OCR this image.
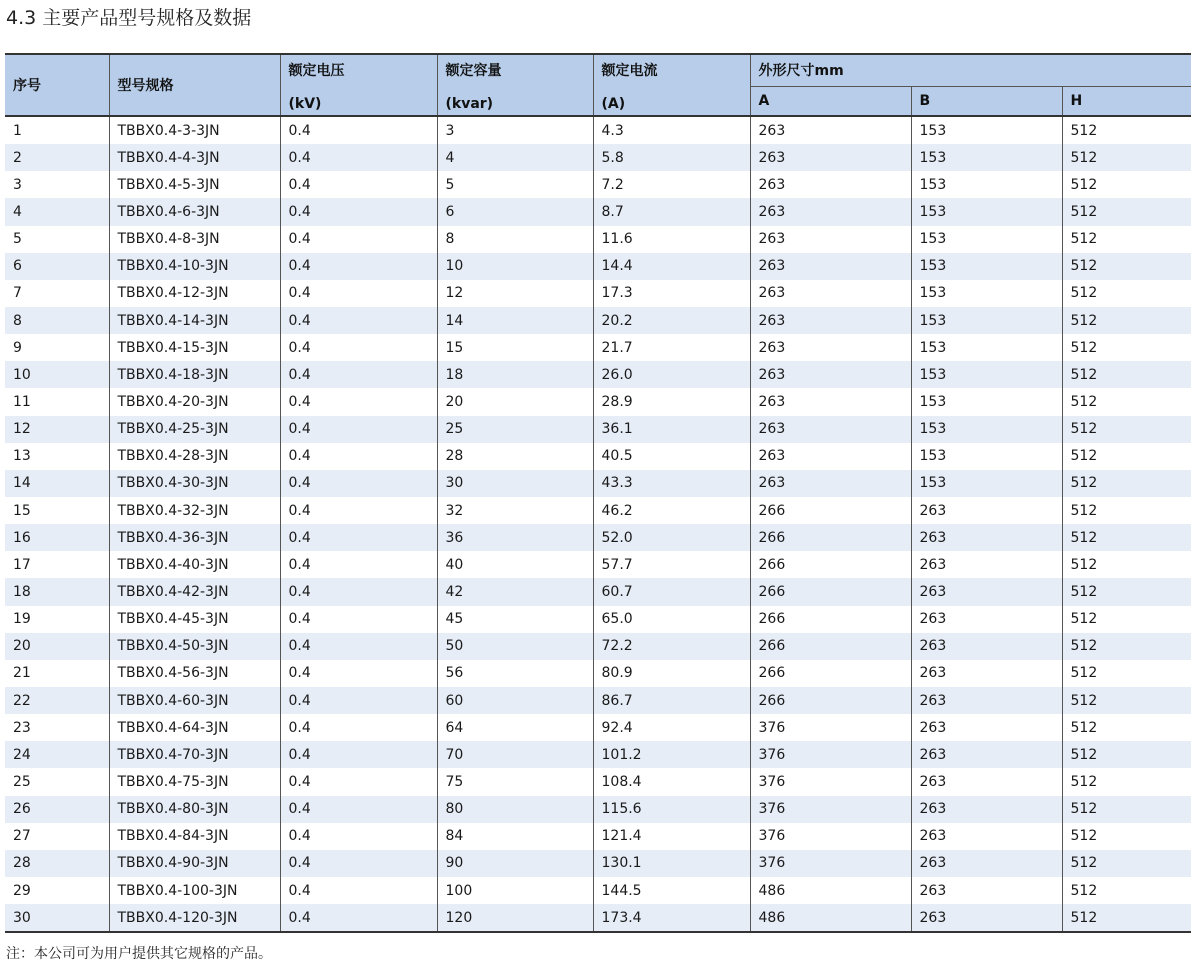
4.3 主要产品型号规格及数据
序号	型号规格	额定电压	额定容量	额定电流	外形尺寸mm		
		(kV)	(kvar)	(A)	A	B	H
1	TBBX0.4-3-3JN	0.4	3	4.3	263	153	512
2	TBBX0.4-4-3JN	0.4	4	5.8	263	153	512
3	TBBX0.4-5-3JN	0.4	5	7.2	263	153	512
4	TBBX0.4-6-3JN	0.4	6	8.7	263	153	512
5	TBBX0.4-8-3JN	0.4	8	11.6	263	153	512
6	TBBX0.4-10-3JN	0.4	10	14.4	263	153	512
7	TBBX0.4-12-3JN	0.4	12	17.3	263	153	512
8	TBBX0.4-14-3JN	0.4	14	20.2	263	153	512
9	TBBX0.4-15-3JN	0.4	15	21.7	263	153	512
10	TBBX0.4-18-3JN	0.4	18	26.0	263	153	512
11	TBBX0.4-20-3JN	0.4	20	28.9	263	153	512
12	TBBX0.4-25-3JN	0.4	25	36.1	263	153	512
13	TBBX0.4-28-3JN	0.4	28	40.5	263	153	512
14	TBBX0.4-30-3JN	0.4	30	43.3	263	153	512
15	TBBX0.4-32-3JN	0.4	32	46.2	266	263	512
16	TBBX0.4-36-3JN	0.4	36	52.0	266	263	512
17	TBBX0.4-40-3JN	0.4	40	57.7	266	263	512
18	TBBX0.4-42-3JN	0.4	42	60.7	266	263	512
19	TBBX0.4-45-3JN	0.4	45	65.0	266	263	512
20	TBBX0.4-50-3JN	0.4	50	72.2	266	263	512
21	TBBX0.4-56-3JN	0.4	56	80.9	266	263	512
22	TBBX0.4-60-3JN	0.4	60	86.7	266	263	512
23	TBBX0.4-64-3JN	0.4	64	92.4	376	263	512
24	TBBX0.4-70-3JN	0.4	70	101.2	376	263	512
25	TBBX0.4-75-3JN	0.4	75	108.4	376	263	512
26	TBBX0.4-80-3JN	0.4	80	115.6	376	263	512
27	TBBX0.4-84-3JN	0.4	84	121.4	376	263	512
28	TBBX0.4-90-3JN	0.4	90	130.1	376	263	512
29	TBBX0.4-100-3JN	0.4	100	144.5	486	263	512
30	TBBX0.4-120-3JN	0.4	120	173.4	486	263	512
注：本公司可为用户提供其它规格的产品。
